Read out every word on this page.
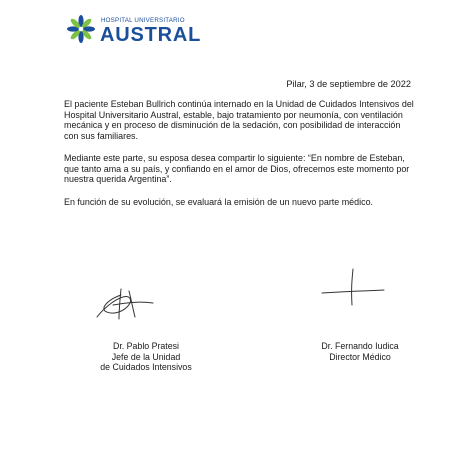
HOSPITAL UNIVERSITARIO
AUSTRAL
Pilar, 3 de septiembre de 2022

El paciente Esteban Bullrich continúa internado en la Unidad de Cuidados Intensivos del Hospital Universitario Austral, estable, bajo tratamiento por neumonía, con ventilación mecánica y en proceso de disminución de la sedación, con posibilidad de interacción con sus familiares.

Mediante este parte, su esposa desea compartir lo siguiente: “En nombre de Esteban, que tanto ama a su país, y confiando en el amor de Dios, ofrecemos este momento por nuestra querida Argentina”.

En función de su evolución, se evaluará la emisión de un nuevo parte médico.

Dr. Pablo Pratesi
Jefe de la Unidad
de Cuidados Intensivos
Dr. Fernando Iudica
Director Médico
